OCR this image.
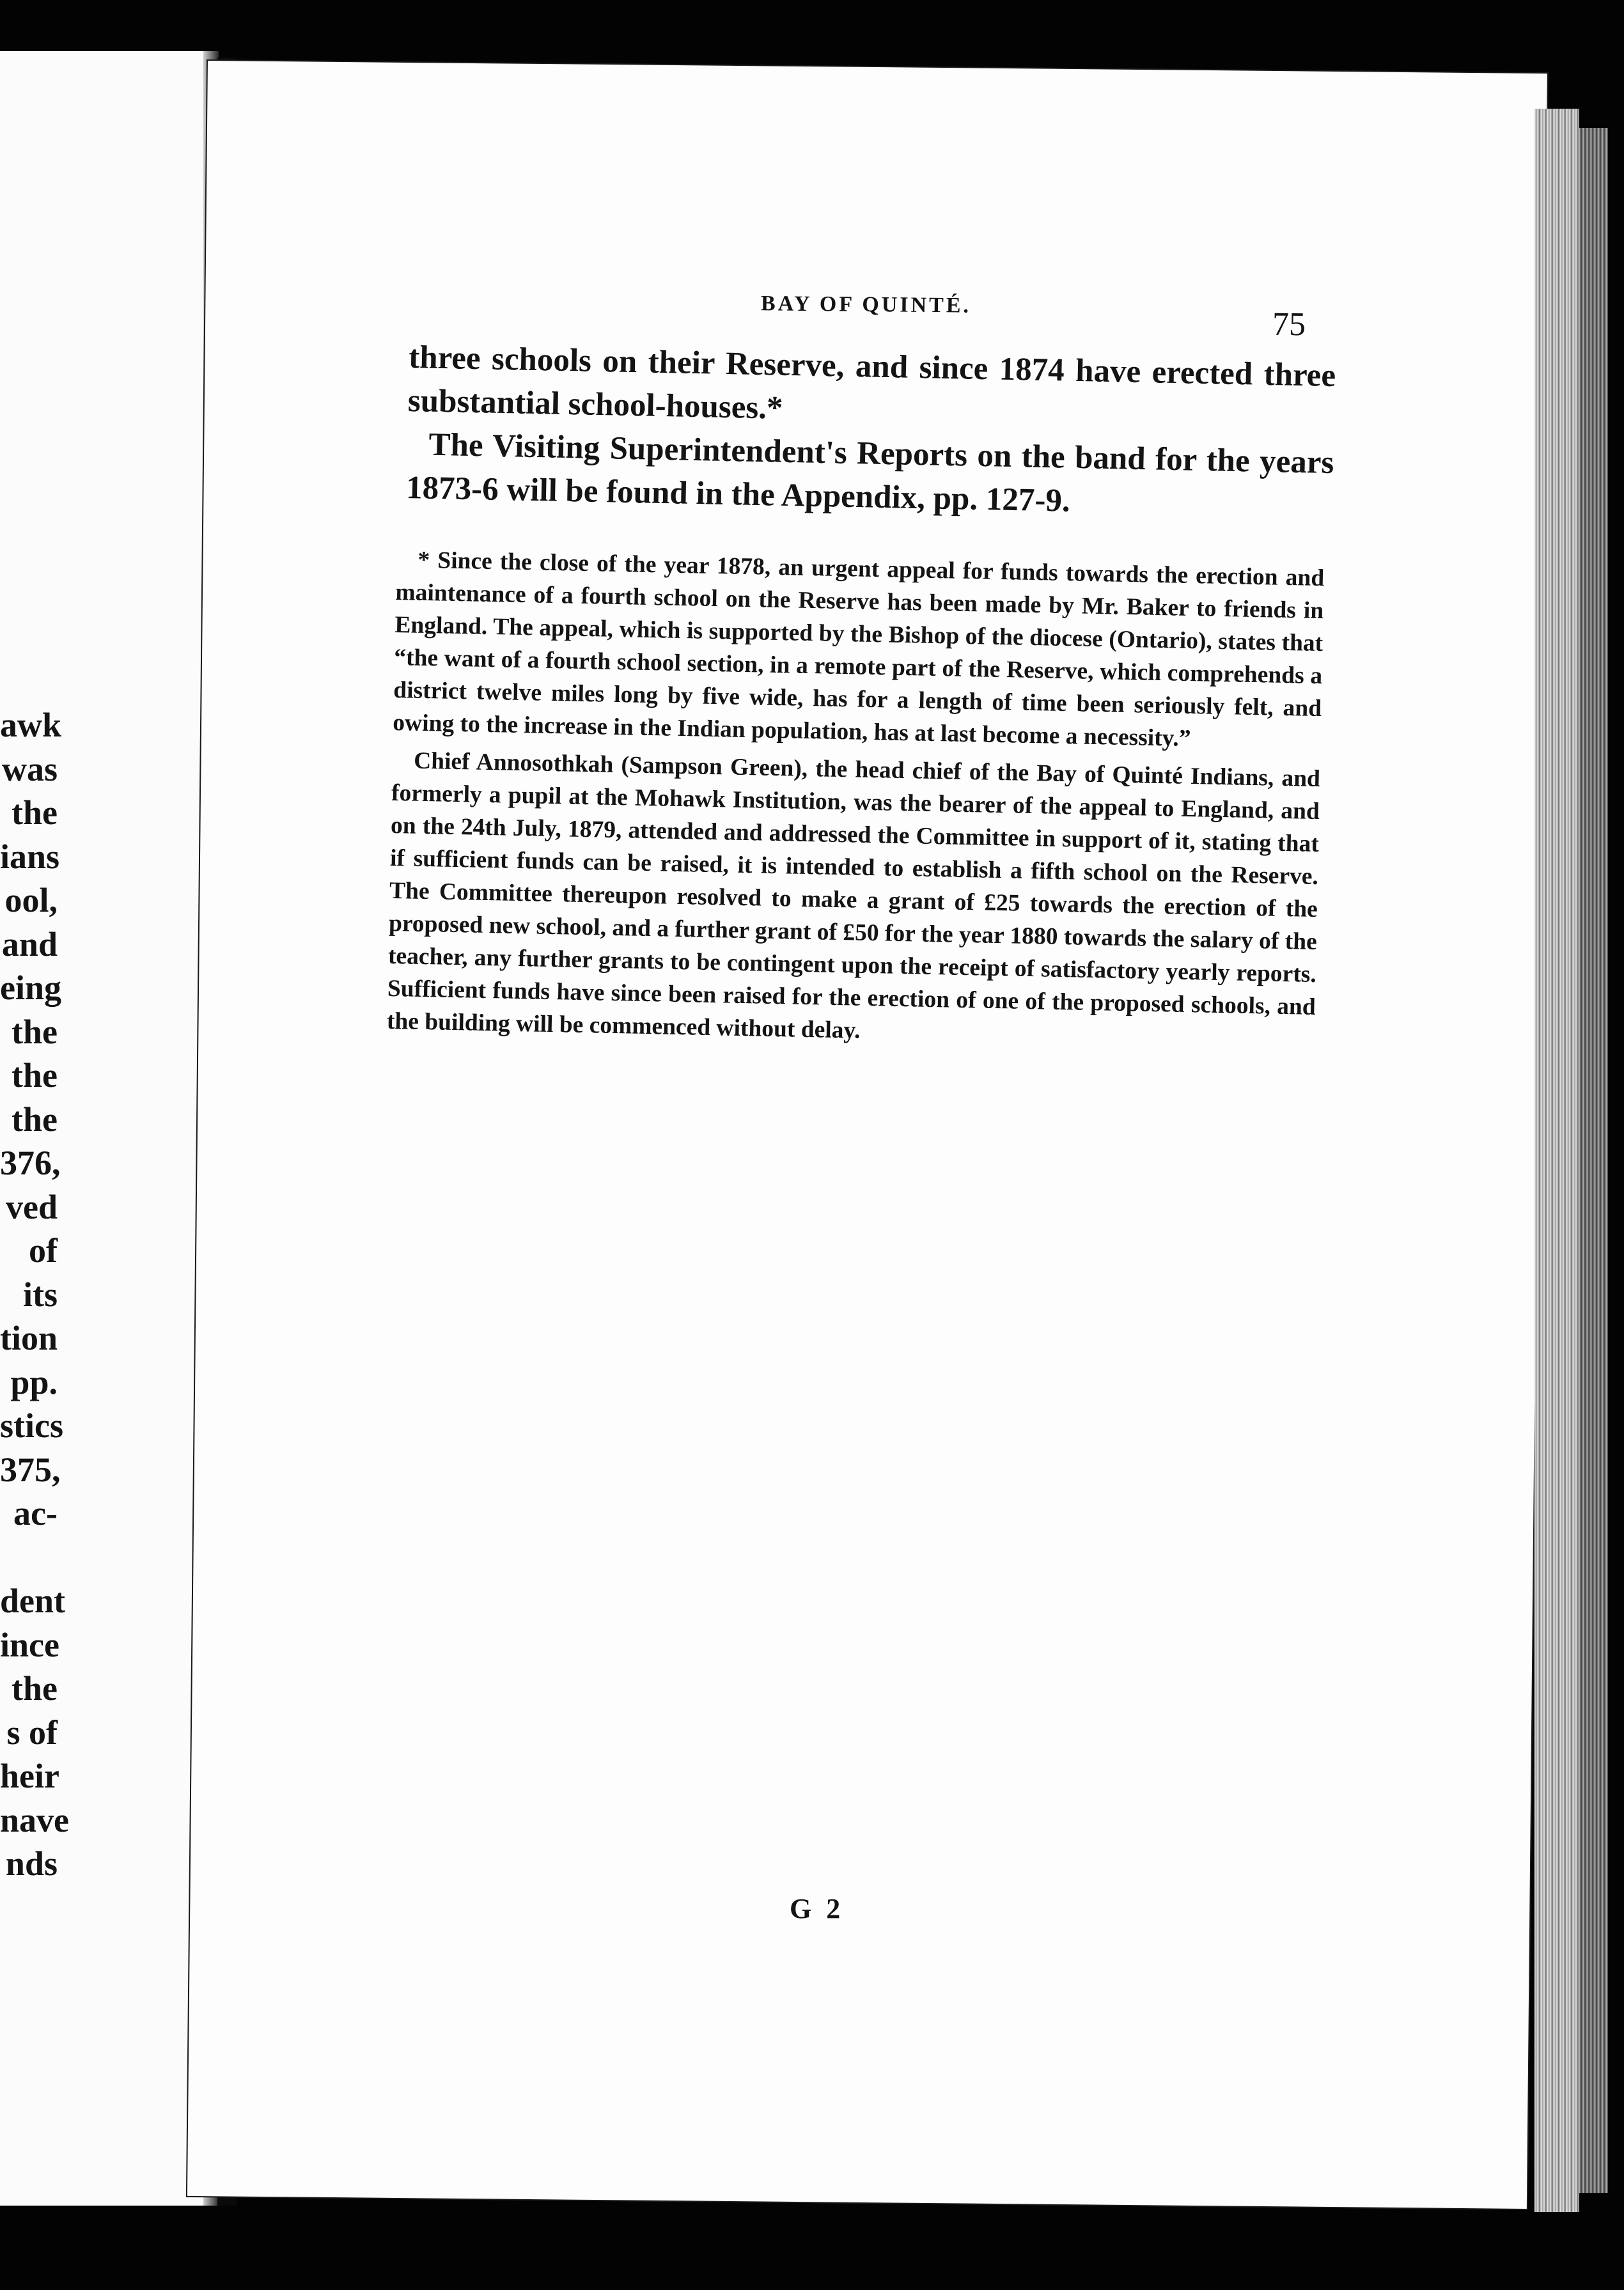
awk
was
the
ians
ool,
and
eing
the
the
the
376,
ved
of
its
tion
pp.
stics
375,
ac-
dent
ince
the
s of
heir
nave
nds
BAY OF QUINTÉ.
75

three schools on their Reserve, and since 1874 have erected three substantial school-houses.*

The Visiting Superintendent's Reports on the band for the years 1873-6 will be found in the Appendix, pp. 127-9.

* Since the close of the year 1878, an urgent appeal for funds towards the erection and maintenance of a fourth school on the Reserve has been made by Mr. Baker to friends in England. The appeal, which is supported by the Bishop of the diocese (Ontario), states that “the want of a fourth school section, in a remote part of the Reserve, which comprehends a district twelve miles long by five wide, has for a length of time been seriously felt, and owing to the increase in the Indian population, has at last become a necessity.”

Chief Annosothkah (Sampson Green), the head chief of the Bay of Quinté Indians, and formerly a pupil at the Mohawk Institution, was the bearer of the appeal to England, and on the 24th July, 1879, attended and addressed the Committee in support of it, stating that if sufficient funds can be raised, it is intended to establish a fifth school on the Reserve. The Committee thereupon resolved to make a grant of £25 towards the erection of the proposed new school, and a further grant of £50 for the year 1880 towards the salary of the teacher, any further grants to be contingent upon the receipt of satisfactory yearly reports. Sufficient funds have since been raised for the erection of one of the proposed schools, and the building will be commenced without delay.

G 2
